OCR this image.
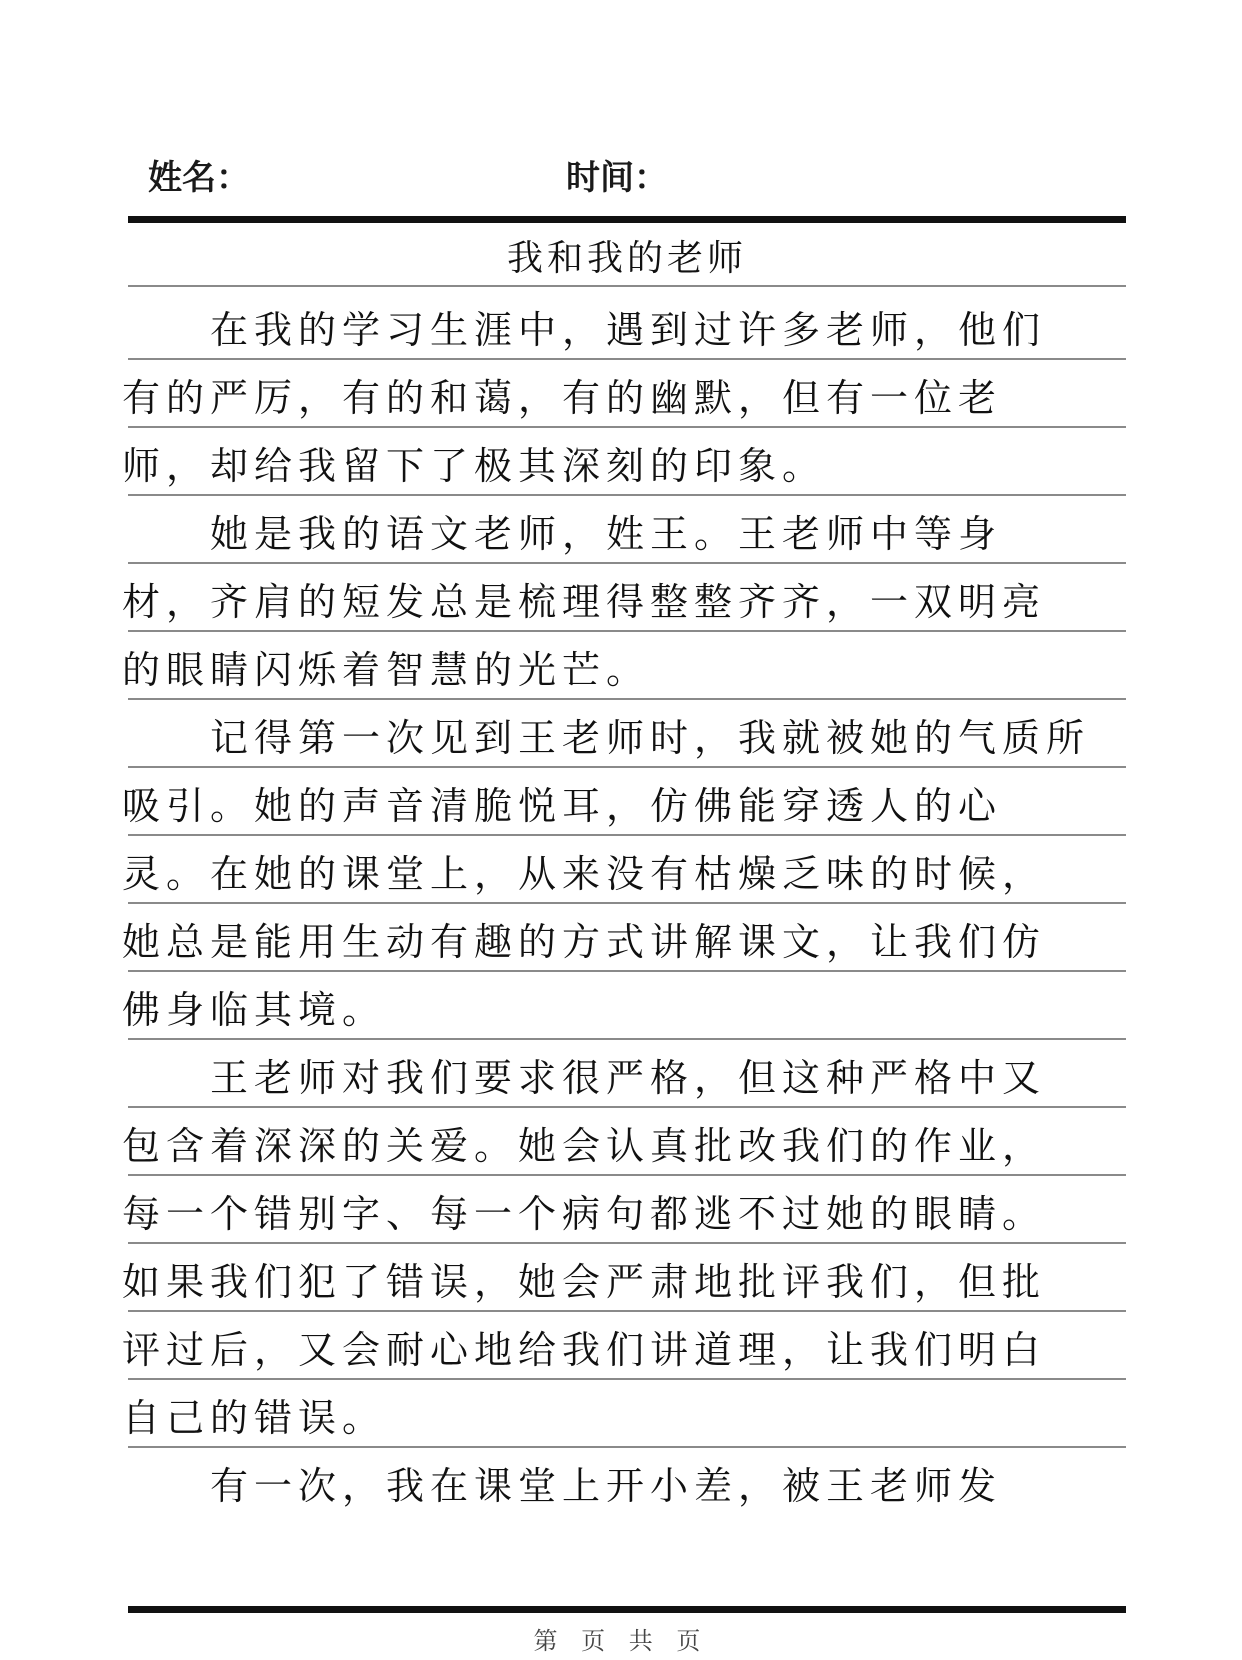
姓名：	时间：
我和我的老师
　　在我的学习生涯中，遇到过许多老师，他们
有的严厉，有的和蔼，有的幽默，但有一位老
师，却给我留下了极其深刻的印象。
　　她是我的语文老师，姓王。王老师中等身
材，齐肩的短发总是梳理得整整齐齐，一双明亮
的眼睛闪烁着智慧的光芒。
　　记得第一次见到王老师时，我就被她的气质所
吸引。她的声音清脆悦耳，仿佛能穿透人的心
灵。在她的课堂上，从来没有枯燥乏味的时候，
她总是能用生动有趣的方式讲解课文，让我们仿
佛身临其境。
　　王老师对我们要求很严格，但这种严格中又
包含着深深的关爱。她会认真批改我们的作业，
每一个错别字、每一个病句都逃不过她的眼睛。
如果我们犯了错误，她会严肃地批评我们，但批
评过后，又会耐心地给我们讲道理，让我们明白
自己的错误。
　　有一次，我在课堂上开小差，被王老师发
第 页 共 页
